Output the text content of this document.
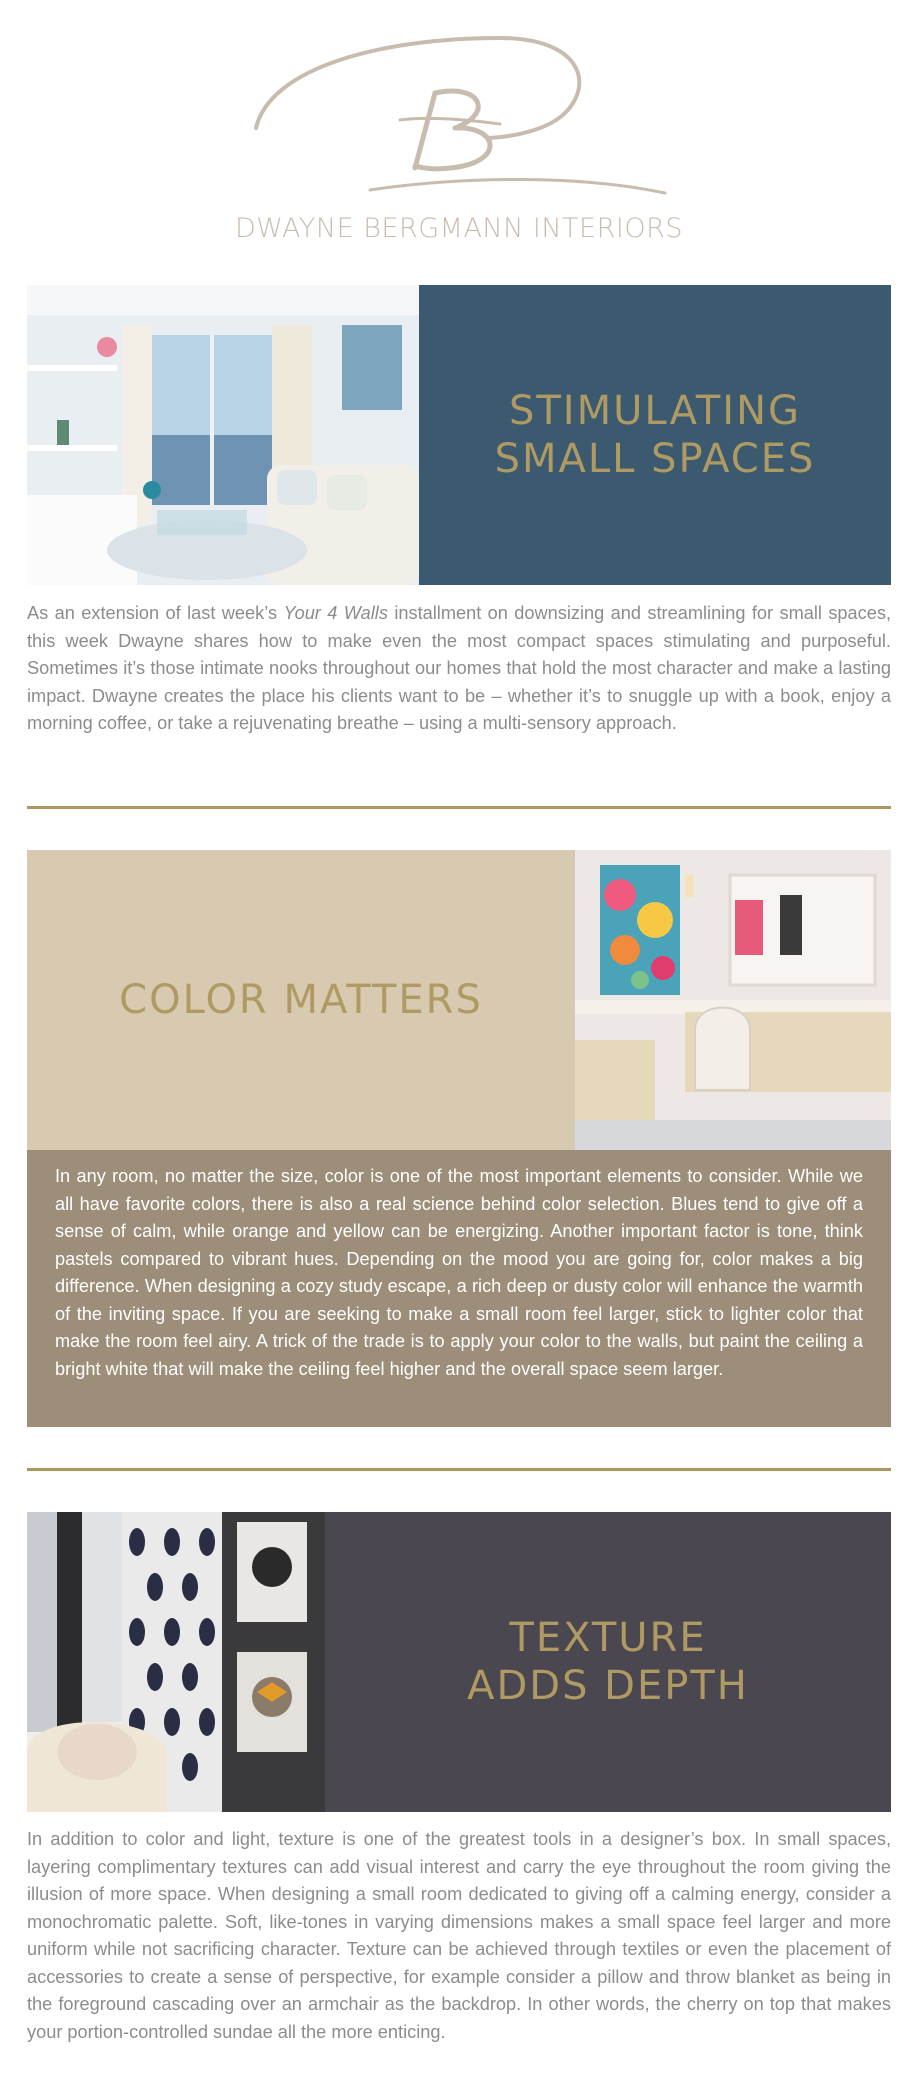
DWAYNE BERGMANN INTERIORS
STIMULATING
SMALL SPACES
As an extension of last week’s Your 4 Walls installment on downsizing and streamlining for small spaces, this week Dwayne shares how to make even the most compact spaces stimulating and purposeful. Sometimes it’s those intimate nooks throughout our homes that hold the most character and make a lasting impact. Dwayne creates the place his clients want to be – whether it’s to snuggle up with a book, enjoy a morning coffee, or take a rejuvenating breathe – using a multi-sensory approach.
COLOR MATTERS
In any room, no matter the size, color is one of the most important elements to consider. While we all have favorite colors, there is also a real science behind color selection. Blues tend to give off a sense of calm, while orange and yellow can be energizing. Another important factor is tone, think pastels compared to vibrant hues. Depending on the mood you are going for, color makes a big difference. When designing a cozy study escape, a rich deep or dusty color will enhance the warmth of the inviting space. If you are seeking to make a small room feel larger, stick to lighter color that make the room feel airy. A trick of the trade is to apply your color to the walls, but paint the ceiling a bright white that will make the ceiling feel higher and the overall space seem larger.
TEXTURE
ADDS DEPTH
In addition to color and light, texture is one of the greatest tools in a designer’s box. In small spaces, layering complimentary textures can add visual interest and carry the eye throughout the room giving the illusion of more space. When designing a small room dedicated to giving off a calming energy, consider a monochromatic palette. Soft, like-tones in varying dimensions makes a small space feel larger and more uniform while not sacrificing character. Texture can be achieved through textiles or even the placement of accessories to create a sense of perspective, for example consider a pillow and throw blanket as being in the foreground cascading over an armchair as the backdrop. In other words, the cherry on top that makes your portion-controlled sundae all the more enticing.
